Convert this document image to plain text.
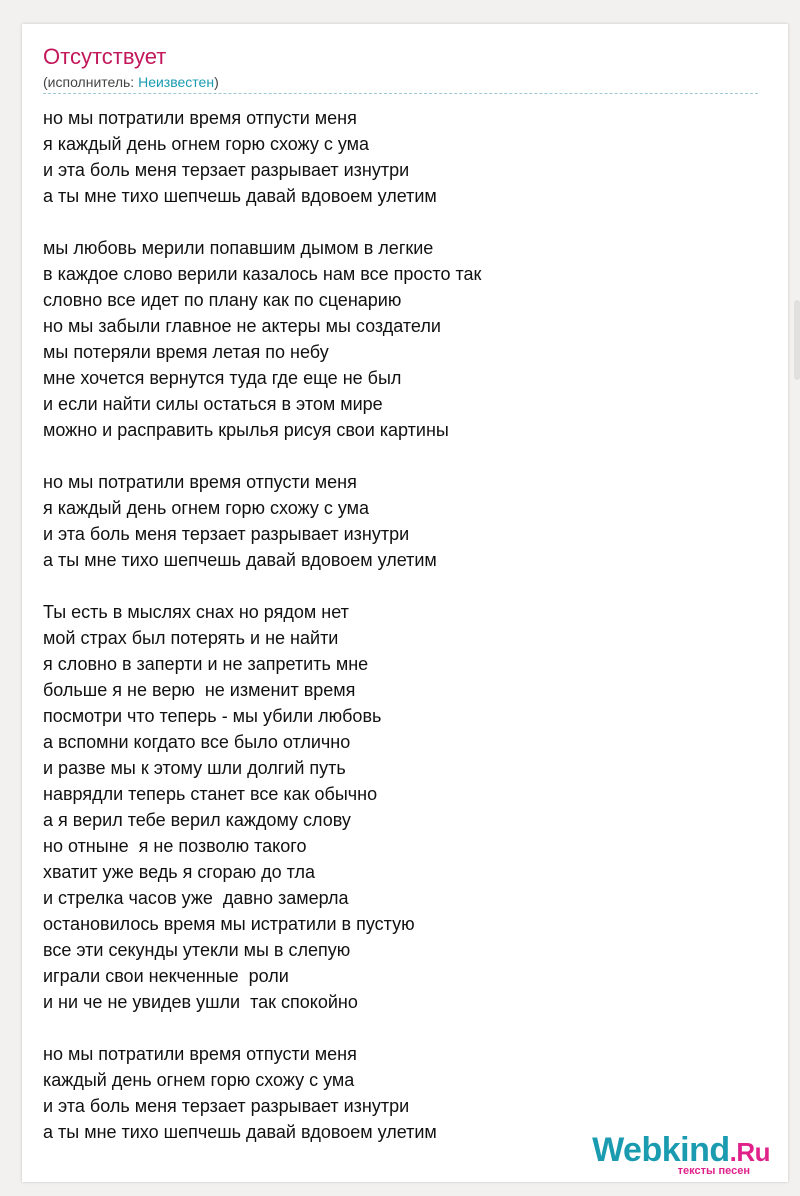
Отсутствует
(исполнитель: Неизвестен)
но мы потратили время отпусти меня
я каждый день огнем горю схожу с ума
и эта боль меня терзает разрывает изнутри
а ты мне тихо шепчешь давай вдовоем улетим
мы любовь мерили попавшим дымом в легкие
в каждое слово верили казалось нам все просто так
словно все идет по плану как по сценарию
но мы забыли главное не актеры мы создатели
мы потеряли время летая по небу
мне хочется вернутся туда где еще не был
и если найти силы остаться в этом мире
можно и расправить крылья рисуя свои картины
но мы потратили время отпусти меня
я каждый день огнем горю схожу с ума
и эта боль меня терзает разрывает изнутри
а ты мне тихо шепчешь давай вдовоем улетим
Ты есть в мыслях снах но рядом нет
мой страх был потерять и не найти
я словно в заперти и не запретить мне
больше я не верю  не изменит время
посмотри что теперь - мы убили любовь
а вспомни когдато все было отлично
и разве мы к этому шли долгий путь
наврядли теперь станет все как обычно
а я верил тебе верил каждому слову
но отныне  я не позволю такого
хватит уже ведь я сгораю до тла
и стрелка часов уже  давно замерла
остановилось время мы истратили в пустую
все эти секунды утекли мы в слепую
играли свои некченные  роли
и ни че не увидев ушли  так спокойно
но мы потратили время отпусти меня
каждый день огнем горю схожу с ума
и эта боль меня терзает разрывает изнутри
а ты мне тихо шепчешь давай вдовоем улетим	Webkind.Ru
тексты песен
